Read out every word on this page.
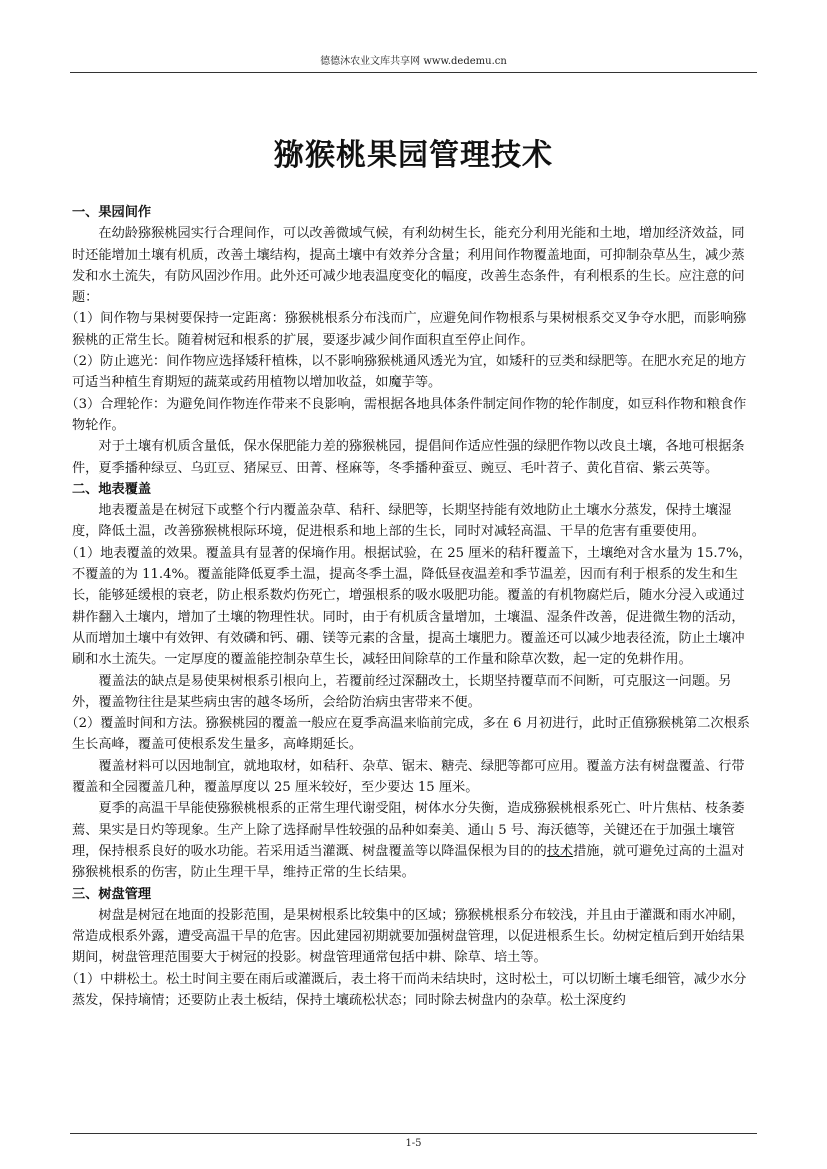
德德沐农业文库共享网 www.dedemu.cn
猕猴桃果园管理技术

一、果园间作

在幼龄猕猴桃园实行合理间作，可以改善微域气候，有利幼树生长，能充分利用光能和土地，增加经济效益，同时还能增加土壤有机质，改善土壤结构，提高土壤中有效养分含量；利用间作物覆盖地面，可抑制杂草丛生，减少蒸发和水土流失，有防风固沙作用。此外还可减少地表温度变化的幅度，改善生态条件，有利根系的生长。应注意的问题：

（1）间作物与果树要保持一定距离：猕猴桃根系分布浅而广，应避免间作物根系与果树根系交叉争夺水肥，而影响猕猴桃的正常生长。随着树冠和根系的扩展，要逐步减少间作面积直至停止间作。

（2）防止遮光：间作物应选择矮秆植株，以不影响猕猴桃通风透光为宜，如矮秆的豆类和绿肥等。在肥水充足的地方可适当种植生育期短的蔬菜或药用植物以增加收益，如魔芋等。

（3）合理轮作：为避免间作物连作带来不良影响，需根据各地具体条件制定间作物的轮作制度，如豆科作物和粮食作物轮作。

对于土壤有机质含量低，保水保肥能力差的猕猴桃园，提倡间作适应性强的绿肥作物以改良土壤，各地可根据条件，夏季播种绿豆、乌豇豆、猪屎豆、田菁、柽麻等，冬季播种蚕豆、豌豆、毛叶苕子、黄化苜宿、紫云英等。

二、地表覆盖

地表覆盖是在树冠下或整个行内覆盖杂草、秸秆、绿肥等，长期坚持能有效地防止土壤水分蒸发，保持土壤湿度，降低土温，改善猕猴桃根际环境，促进根系和地上部的生长，同时对减轻高温、干旱的危害有重要使用。

（1）地表覆盖的效果。覆盖具有显著的保墒作用。根据试验，在 25 厘米的秸秆覆盖下，土壤绝对含水量为 15.7%，不覆盖的为 11.4%。覆盖能降低夏季土温，提高冬季土温，降低昼夜温差和季节温差，因而有利于根系的发生和生长，能够延缓根的衰老，防止根系数灼伤死亡，增强根系的吸水吸肥功能。覆盖的有机物腐烂后，随水分浸入或通过耕作翻入土壤内，增加了土壤的物理性状。同时，由于有机质含量增加，土壤温、湿条件改善，促进微生物的活动，从而增加土壤中有效钾、有效磷和钙、硼、镁等元素的含量，提高土壤肥力。覆盖还可以减少地表径流，防止土壤冲刷和水土流失。一定厚度的覆盖能控制杂草生长，减轻田间除草的工作量和除草次数，起一定的免耕作用。

覆盖法的缺点是易使果树根系引根向上，若覆前经过深翻改土，长期坚持覆草而不间断，可克服这一问题。另外，覆盖物往往是某些病虫害的越冬场所，会给防治病虫害带来不便。

（2）覆盖时间和方法。猕猴桃园的覆盖一般应在夏季高温来临前完成，多在 6 月初进行，此时正值猕猴桃第二次根系生长高峰，覆盖可使根系发生量多，高峰期延长。

覆盖材料可以因地制宜，就地取材，如秸秆、杂草、锯末、糖壳、绿肥等都可应用。覆盖方法有树盘覆盖、行带覆盖和全园覆盖几种，覆盖厚度以 25 厘米较好，至少要达 15 厘米。

夏季的高温干旱能使猕猴桃根系的正常生理代谢受阻，树体水分失衡，造成猕猴桃根系死亡、叶片焦枯、枝条萎蔫、果实是日灼等现象。生产上除了选择耐旱性较强的品种如秦美、通山 5 号、海沃德等，关键还在于加强土壤管理，保持根系良好的吸水功能。若采用适当灌溉、树盘覆盖等以降温保根为目的的技术措施，就可避免过高的土温对猕猴桃根系的伤害，防止生理干旱，维持正常的生长结果。

三、树盘管理

树盘是树冠在地面的投影范围，是果树根系比较集中的区域；猕猴桃根系分布较浅，并且由于灌溉和雨水冲刷，常造成根系外露，遭受高温干旱的危害。因此建园初期就要加强树盘管理，以促进根系生长。幼树定植后到开始结果期间，树盘管理范围要大于树冠的投影。树盘管理通常包括中耕、除草、培土等。

（1）中耕松土。松土时间主要在雨后或灌溉后，表土将干而尚未结块时，这时松土，可以切断土壤毛细管，减少水分蒸发，保持墒情；还要防止表土板结，保持土壤疏松状态；同时除去树盘内的杂草。松土深度约

1-5
